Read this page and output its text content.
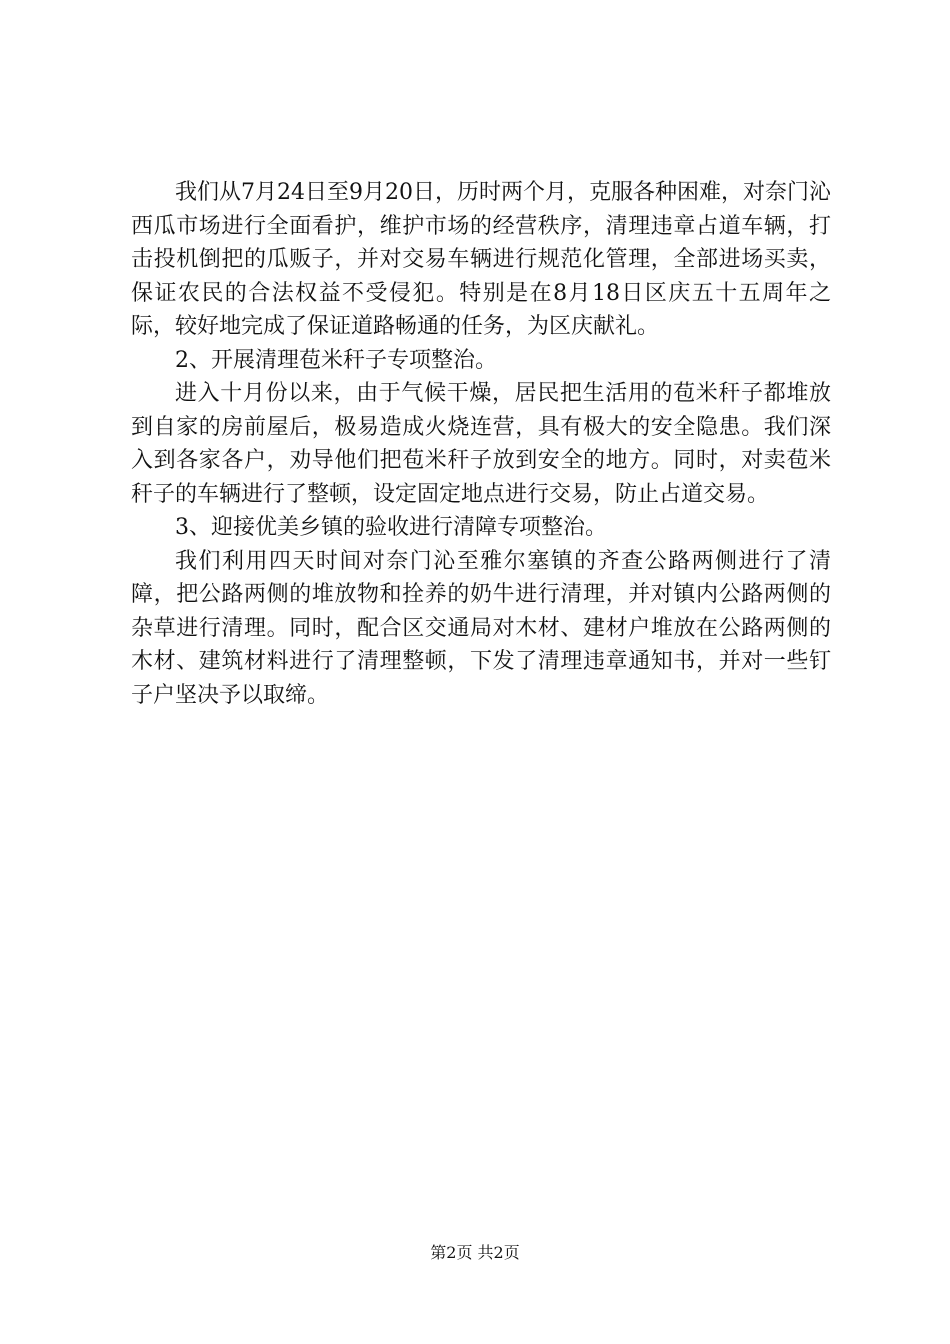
我们从7月24日至9月20日，历时两个月，克服各种困难，对奈门沁西瓜市场进行全面看护，维护市场的经营秩序，清理违章占道车辆，打击投机倒把的瓜贩子，并对交易车辆进行规范化管理，全部进场买卖，保证农民的合法权益不受侵犯。特别是在8月18日区庆五十五周年之际，较好地完成了保证道路畅通的任务，为区庆献礼。

2、开展清理苞米秆子专项整治。

进入十月份以来，由于气候干燥，居民把生活用的苞米秆子都堆放到自家的房前屋后，极易造成火烧连营，具有极大的安全隐患。我们深入到各家各户，劝导他们把苞米秆子放到安全的地方。同时，对卖苞米秆子的车辆进行了整顿，设定固定地点进行交易，防止占道交易。

3、迎接优美乡镇的验收进行清障专项整治。

我们利用四天时间对奈门沁至雅尔塞镇的齐查公路两侧进行了清障，把公路两侧的堆放物和拴养的奶牛进行清理，并对镇内公路两侧的杂草进行清理。同时，配合区交通局对木材、建材户堆放在公路两侧的木材、建筑材料进行了清理整顿，下发了清理违章通知书，并对一些钉子户坚决予以取缔。

第2页 共2页
